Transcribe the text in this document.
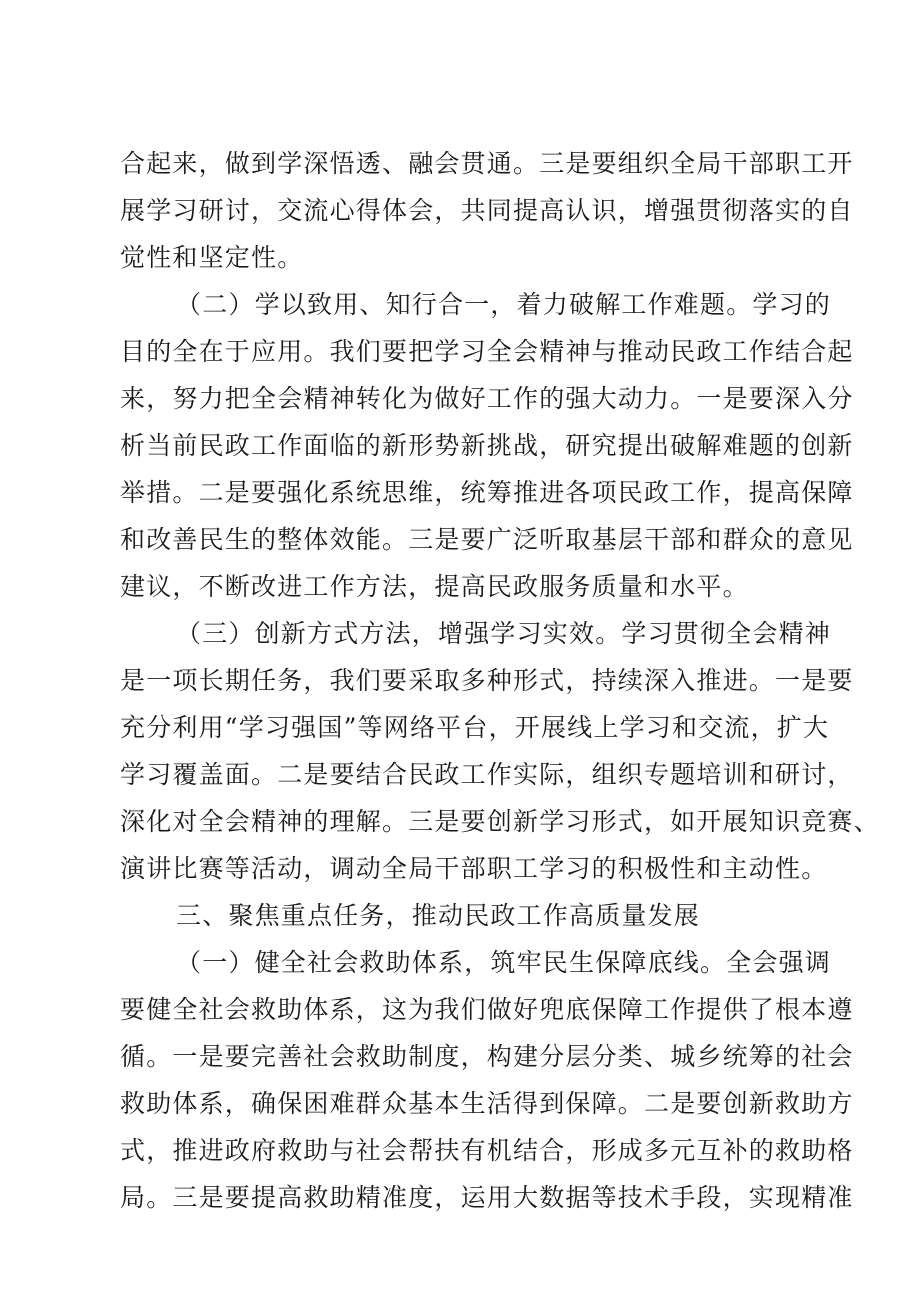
合起来，做到学深悟透、融会贯通。三是要组织全局干部职工开
展学习研讨，交流心得体会，共同提高认识，增强贯彻落实的自
觉性和坚定性。

（二）学以致用、知行合一，着力破解工作难题。学习的
目的全在于应用。我们要把学习全会精神与推动民政工作结合起
来，努力把全会精神转化为做好工作的强大动力。一是要深入分
析当前民政工作面临的新形势新挑战，研究提出破解难题的创新
举措。二是要强化系统思维，统筹推进各项民政工作，提高保障
和改善民生的整体效能。三是要广泛听取基层干部和群众的意见
建议，不断改进工作方法，提高民政服务质量和水平。

（三）创新方式方法，增强学习实效。学习贯彻全会精神
是一项长期任务，我们要采取多种形式，持续深入推进。一是要
充分利用“学习强国”等网络平台，开展线上学习和交流，扩大
学习覆盖面。二是要结合民政工作实际，组织专题培训和研讨，
深化对全会精神的理解。三是要创新学习形式，如开展知识竞赛、
演讲比赛等活动，调动全局干部职工学习的积极性和主动性。

三、聚焦重点任务，推动民政工作高质量发展

（一）健全社会救助体系，筑牢民生保障底线。全会强调
要健全社会救助体系，这为我们做好兜底保障工作提供了根本遵
循。一是要完善社会救助制度，构建分层分类、城乡统筹的社会
救助体系，确保困难群众基本生活得到保障。二是要创新救助方
式，推进政府救助与社会帮扶有机结合，形成多元互补的救助格
局。三是要提高救助精准度，运用大数据等技术手段，实现精准
